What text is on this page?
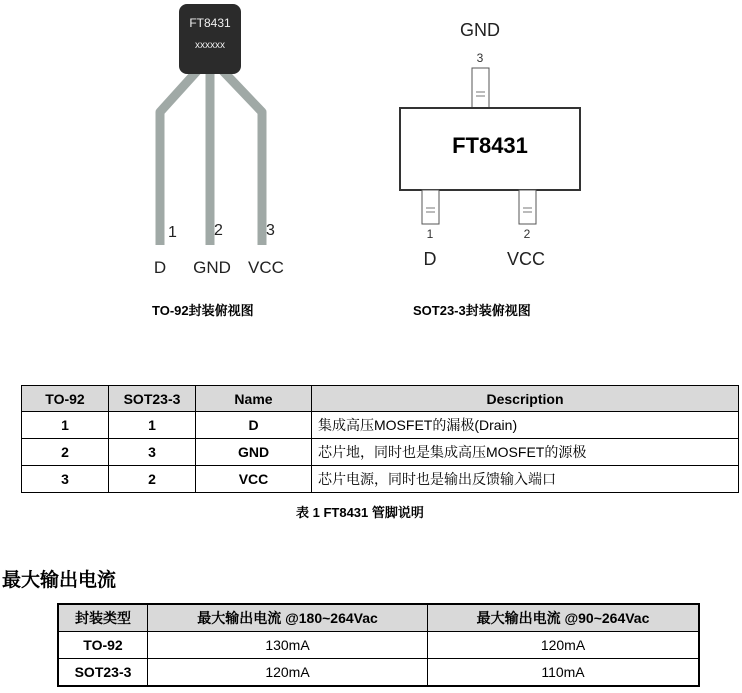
FT8431
xxxxxx
1 2	3
D GND VCC
TO-92封装俯视图
GND
3
FT8431
1	2
D	VCC
SOT23-3封装俯视图
TO-92	SOT23-3	Name	Description
1	1	D	集成高压MOSFET的漏极(Drain)
2	3	GND	芯片地，同时也是集成高压MOSFET的源极
3	2	VCC	芯片电源，同时也是输出反馈输入端口
表 1 FT8431 管脚说明
最大输出电流
封装类型	最大输出电流 @180~264Vac	最大输出电流 @90~264Vac
TO-92	130mA	120mA
SOT23-3	120mA	110mA
